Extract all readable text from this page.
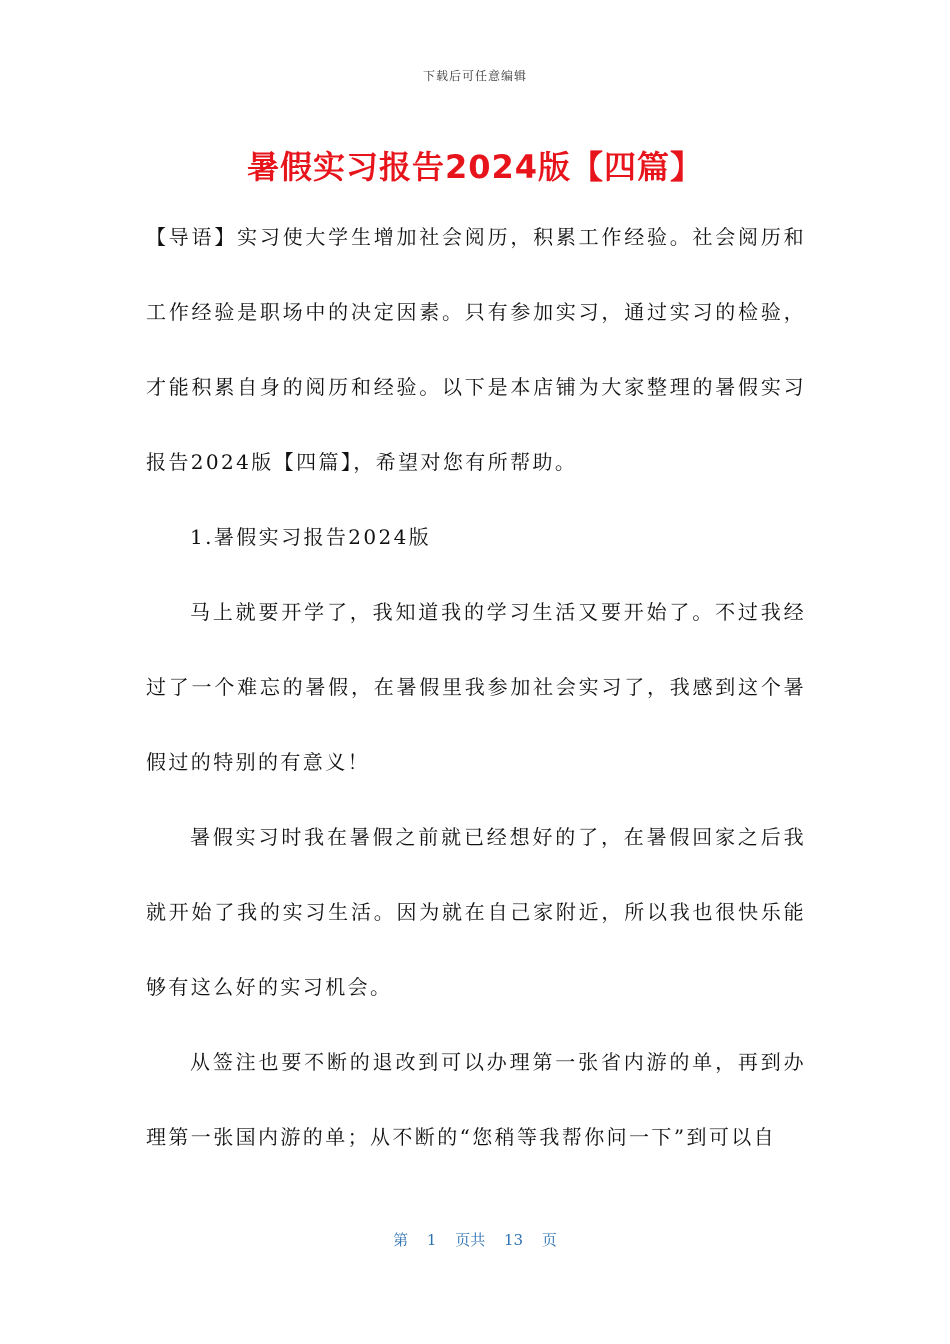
下载后可任意编辑
暑假实习报告2024版【四篇】

【导语】实习使大学生增加社会阅历，积累工作经验。社会阅历和工作经验是职场中的决定因素。只有参加实习，通过实习的检验，才能积累自身的阅历和经验。以下是本店铺为大家整理的暑假实习报告2024版【四篇】，希望对您有所帮助。

1.暑假实习报告2024版

马上就要开学了，我知道我的学习生活又要开始了。不过我经过了一个难忘的暑假，在暑假里我参加社会实习了，我感到这个暑假过的特别的有意义！

暑假实习时我在暑假之前就已经想好的了，在暑假回家之后我就开始了我的实习生活。因为就在自己家附近，所以我也很快乐能够有这么好的实习机会。

从签注也要不断的退改到可以办理第一张省内游的单，再到办理第一张国内游的单；从不断的“您稍等我帮你问一下”到可以自

第 1 页共 13 页
